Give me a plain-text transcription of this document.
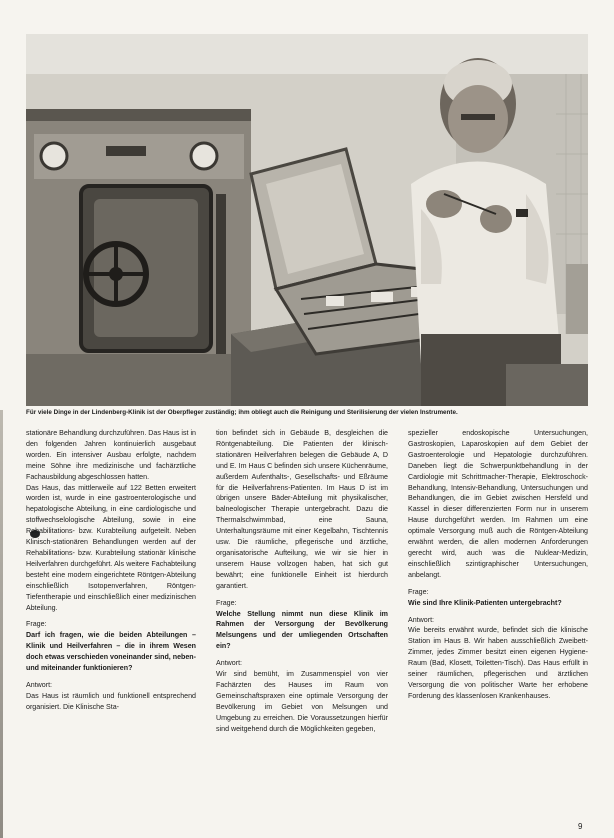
Für viele Dinge in der Lindenberg-Klinik ist der Oberpfleger zuständig; ihm obliegt auch die Reinigung und Sterilisierung der vielen Instrumente.

stationäre Behandlung durchzuführen. Das Haus ist in den folgenden Jahren kontinuierlich ausgebaut worden. Ein intensiver Ausbau erfolgte, nachdem meine Söhne ihre medizinische und fachärztliche Fachausbildung abgeschlossen hatten.

Das Haus, das mittlerweile auf 122 Betten erweitert worden ist, wurde in eine gastroenterologische und hepatologische Abteilung, in eine cardiologische und stoffwechselologische Abteilung, sowie in eine Rehabilitations- bzw. Kurabteilung aufgeteilt. Neben Klinisch-stationären Behandlungen werden auf der Rehabilitations- bzw. Kurabteilung stationär klinische Heilverfahren durchgeführt. Als weitere Fachabteilung besteht eine modern eingerichtete Röntgen-Abteilung einschließlich Isotopenverfahren, Röntgen-Tiefentherapie und einschließlich einer medizinischen Abteilung.

Frage:

Darf ich fragen, wie die beiden Abteilungen – Klinik und Heilverfahren – die in ihrem Wesen doch etwas verschieden voneinander sind, neben- und miteinander funktionieren?

Antwort:

Das Haus ist räumlich und funktionell entsprechend organisiert. Die Klinische Sta-

tion befindet sich in Gebäude B, desgleichen die Röntgenabteilung. Die Patienten der klinisch-stationären Heilverfahren belegen die Gebäude A, D und E. Im Haus C befinden sich unsere Küchenräume, außerdem Aufenthalts-, Gesellschafts- und Eßräume für die Heilverfahrens-Patienten. Im Haus D ist im übrigen unsere Bäder-Abteilung mit physikalischer, balneologischer Therapie untergebracht. Dazu die Thermalschwimmbad, eine Sauna, Unterhaltungsräume mit einer Kegelbahn, Tischtennis usw. Die räumliche, pflegerische und ärztliche, organisatorische Aufteilung, wie wir sie hier in unserem Hause vollzogen haben, hat sich gut bewährt; eine funktionelle Einheit ist hierdurch garantiert.

Frage:

Welche Stellung nimmt nun diese Klinik im Rahmen der Versorgung der Bevölkerung Melsungens und der umliegenden Ortschaften ein?

Antwort:

Wir sind bemüht, im Zusammenspiel von vier Fachärzten des Hauses im Raum von Gemeinschaftspraxen eine optimale Versorgung der Bevölkerung im Gebiet von Melsungen und Umgebung zu erreichen. Die Voraussetzungen hierfür sind weitgehend durch die Möglichkeiten gegeben,

spezieller endoskopische Untersuchungen, Gastroskopien, Laparoskopien auf dem Gebiet der Gastroenterologie und Hepatologie durchzuführen. Daneben liegt die Schwerpunktbehandlung in der Cardiologie mit Schrittmacher-Therapie, Elektroschock-Behandlung, Intensiv-Behandlung, Untersuchungen und Behandlungen, die im Gebiet zwischen Hersfeld und Kassel in dieser differenzierten Form nur in unserem Hause durchgeführt werden. Im Rahmen um eine optimale Versorgung muß auch die Röntgen-Abteilung erwähnt werden, die allen modernen Anforderungen gerecht wird, auch was die Nuklear-Medizin, einschließlich szintigraphischer Untersuchungen, anbelangt.

Frage:

Wie sind Ihre Klinik-Patienten untergebracht?

Antwort:

Wie bereits erwähnt wurde, befindet sich die klinische Station im Haus B. Wir haben ausschließlich Zweibett-Zimmer, jedes Zimmer besitzt einen eigenen Hygiene-Raum (Bad, Klosett, Toiletten-Tisch). Das Haus erfüllt in seiner räumlichen, pflegerischen und ärztlichen Versorgung die von politischer Warte her erhobene Forderung des klassenlosen Krankenhauses.

9
